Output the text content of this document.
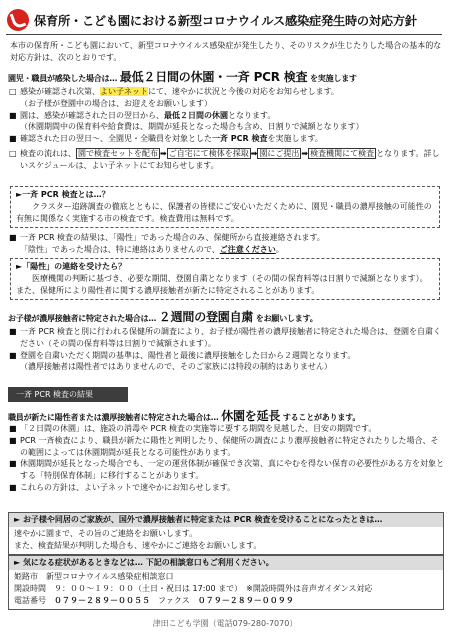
保育所・こども園における新型コロナウイルス感染症発生時の対応方針
本市の保育所・こども園において、新型コロナウイルス感染症が発生したり、そのリスクが生じたりした場合の基本的な対応方針は、次のとおりです。
園児・職員が感染した場合は… 最低２日間の休園・一斉 PCR 検査 を実施します
□ 感染が確認され次第、よい子ネットにて、速やかに状況と今後の対応をお知らせします。
（お子様が登園中の場合は、お迎えをお願いします）
■ 園は、感染が確認された日の翌日から、最低２日間の休園となります。
（休園期間中の保育料や給食費は、期間が延長となった場合も含め、日割りで減額となります）
■ 確認された日の翌日～、全園児・全職員を対象とした一斉 PCR 検査を実施します。
□ 検査の流れは、 園で検査セットを配布 ➡ ご自宅にて検体を採取 ➡ 園にご提出 ➡ 検査機関にて検査 となります。詳しいスケジュールは、よい子ネットにてお知らせします。
►一斉 PCR 検査とは…？
クラスター追跡調査の徹底とともに、保護者の皆様にご安心いただくために、園児・職員の濃厚接触の可能性の有無に関係なく実施する市の検査です。検査費用は無料です。
■ 一斉 PCR 検査の結果は、「陽性」であった場合のみ、保健所から直接連絡されます。
「陰性」であった場合は、特に連絡はありませんので、ご注意ください。
►「陽性」の連絡を受けたら？
医療機関の判断に基づき、必要な期間、登園自粛となります（その間の保育料等は日割りで減額となります）。また、保健所により陽性者に関する濃厚接触者が新たに特定されることがあります。
お子様が濃厚接触者に特定された場合は… ２週間の登園自粛 をお願いします。
■ 一斉 PCR 検査と別に行われる保健所の調査により、お子様が陽性者の濃厚接触者に特定された場合は、登園を自粛ください（その間の保育料等は日割りで減額されます）。
■ 登園を自粛いただく期間の基準は、陽性者と最後に濃厚接触をした日から２週間となります。
（濃厚接触者は陽性者ではありませんので、そのご家族には特段の制約はありません）
一斉 PCR 検査の結果
職員が新たに陽性者または濃厚接触者に特定された場合は… 休園を延長 することがあります。
■ 「２日間の休園」は、施設の消毒や PCR 検査の実施等に要する期間を見越した、目安の期間です。
■ PCR 一斉検査により、職員が新たに陽性と判明したり、保健所の調査により濃厚接触者に特定されたりした場合、その範囲によっては休園期間が延長となる可能性があります。
■ 休園期間が延長となった場合でも、一定の運営体制が確保でき次第、真にやむを得ない保育の必要性がある方を対象とする「特別保育体制」に移行することがあります。
■ これらの方針は、よい子ネットで速やかにお知らせします。
► お子様や同居のご家族が、国外で濃厚接触者に特定または PCR 検査を受けることになったときは…
速やかに園まで、その旨のご連絡をお願いします。
また、検査結果が判明した場合も、速やかにご連絡をお願いします。
► 気になる症状があるときなどは… 下記の相談窓口もご利用ください。
姫路市　新型コロナウイルス感染症相談窓口
開設時間　 ９：００～１９：００（土日・祝日は 17:00 まで）　※開設時間外は音声ガイダンス対応
電話番号　 ０７９－２８９－００５５　 ファクス　 ０７９－２８９－００９９
津田こども学園（電話079-280-7070）
